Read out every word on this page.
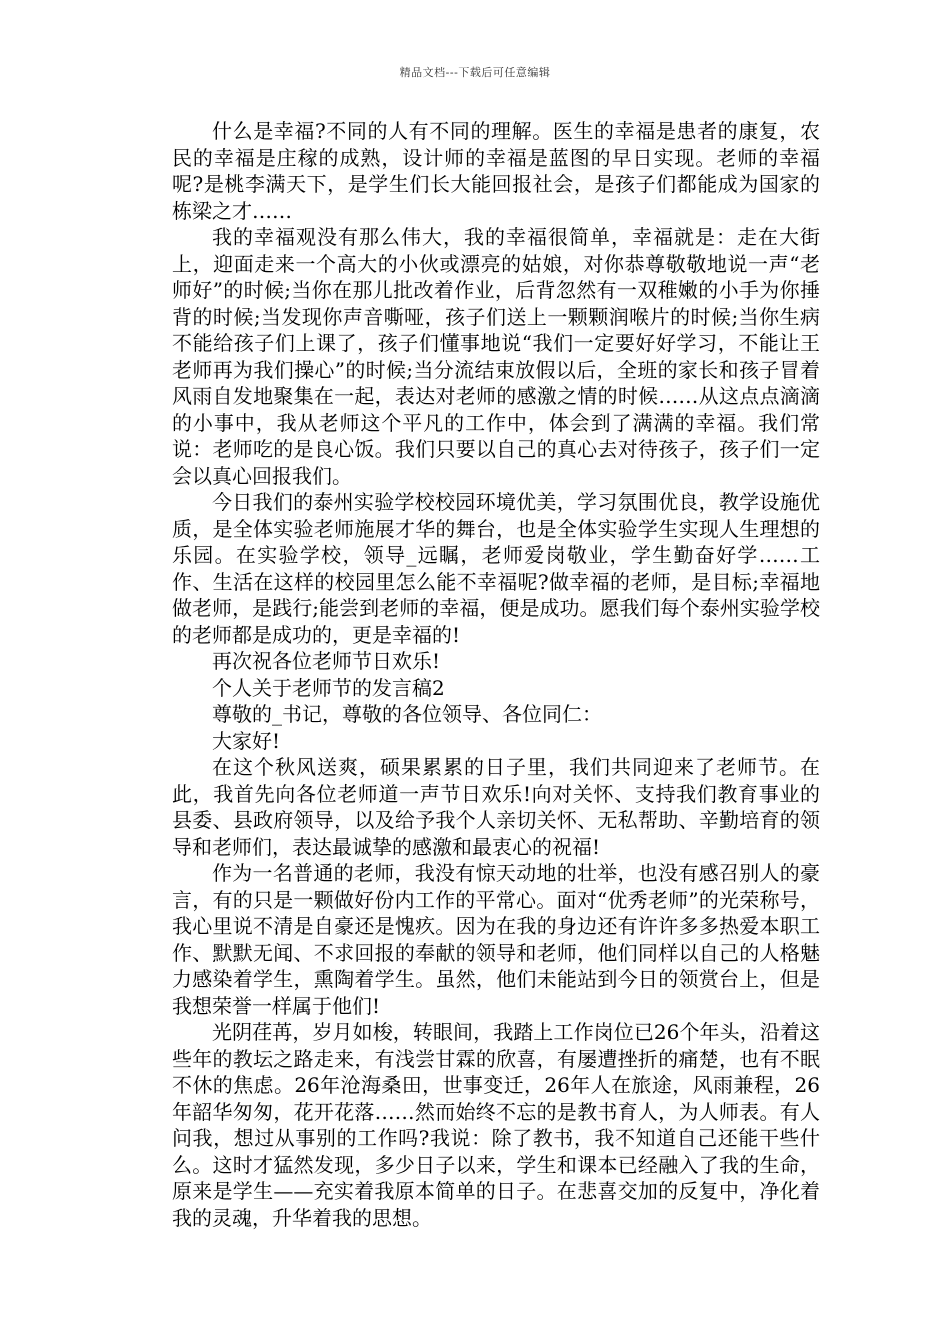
精品文档---下载后可任意编辑

什么是幸福?不同的人有不同的理解。医生的幸福是患者的康复，农民的幸福是庄稼的成熟，设计师的幸福是蓝图的早日实现。老师的幸福呢?是桃李满天下，是学生们长大能回报社会，是孩子们都能成为国家的栋梁之才……

我的幸福观没有那么伟大，我的幸福很简单，幸福就是：走在大街上，迎面走来一个高大的小伙或漂亮的姑娘，对你恭尊敬敬地说一声“老师好”的时候;当你在那儿批改着作业，后背忽然有一双稚嫩的小手为你捶背的时候;当发现你声音嘶哑，孩子们送上一颗颗润喉片的时候;当你生病不能给孩子们上课了，孩子们懂事地说“我们一定要好好学习，不能让王老师再为我们操心”的时候;当分流结束放假以后，全班的家长和孩子冒着风雨自发地聚集在一起，表达对老师的感激之情的时候……从这点点滴滴的小事中，我从老师这个平凡的工作中，体会到了满满的幸福。我们常说：老师吃的是良心饭。我们只要以自己的真心去对待孩子，孩子们一定会以真心回报我们。

今日我们的泰州实验学校校园环境优美，学习氛围优良，教学设施优质，是全体实验老师施展才华的舞台，也是全体实验学生实现人生理想的乐园。在实验学校，领导_远瞩，老师爱岗敬业，学生勤奋好学……工作、生活在这样的校园里怎么能不幸福呢?做幸福的老师，是目标;幸福地做老师，是践行;能尝到老师的幸福，便是成功。愿我们每个泰州实验学校的老师都是成功的，更是幸福的!

再次祝各位老师节日欢乐!

个人关于老师节的发言稿2

尊敬的_书记，尊敬的各位领导、各位同仁：

大家好!

在这个秋风送爽，硕果累累的日子里，我们共同迎来了老师节。在此，我首先向各位老师道一声节日欢乐!向对关怀、支持我们教育事业的县委、县政府领导，以及给予我个人亲切关怀、无私帮助、辛勤培育的领导和老师们，表达最诚挚的感激和最衷心的祝福!

作为一名普通的老师，我没有惊天动地的壮举，也没有感召别人的豪言，有的只是一颗做好份内工作的平常心。面对“优秀老师”的光荣称号，我心里说不清是自豪还是愧疚。因为在我的身边还有许许多多热爱本职工作、默默无闻、不求回报的奉献的领导和老师，他们同样以自己的人格魅力感染着学生，熏陶着学生。虽然，他们未能站到今日的领赏台上，但是我想荣誉一样属于他们!

光阴荏苒，岁月如梭，转眼间，我踏上工作岗位已26个年头，沿着这些年的教坛之路走来，有浅尝甘霖的欣喜，有屡遭挫折的痛楚，也有不眠不休的焦虑。26年沧海桑田，世事变迁，26年人在旅途，风雨兼程，26年韶华匆匆，花开花落……然而始终不忘的是教书育人，为人师表。有人问我，想过从事别的工作吗?我说：除了教书，我不知道自己还能干些什么。这时才猛然发现，多少日子以来，学生和课本已经融入了我的生命，原来是学生——充实着我原本简单的日子。在悲喜交加的反复中，净化着我的灵魂，升华着我的思想。
